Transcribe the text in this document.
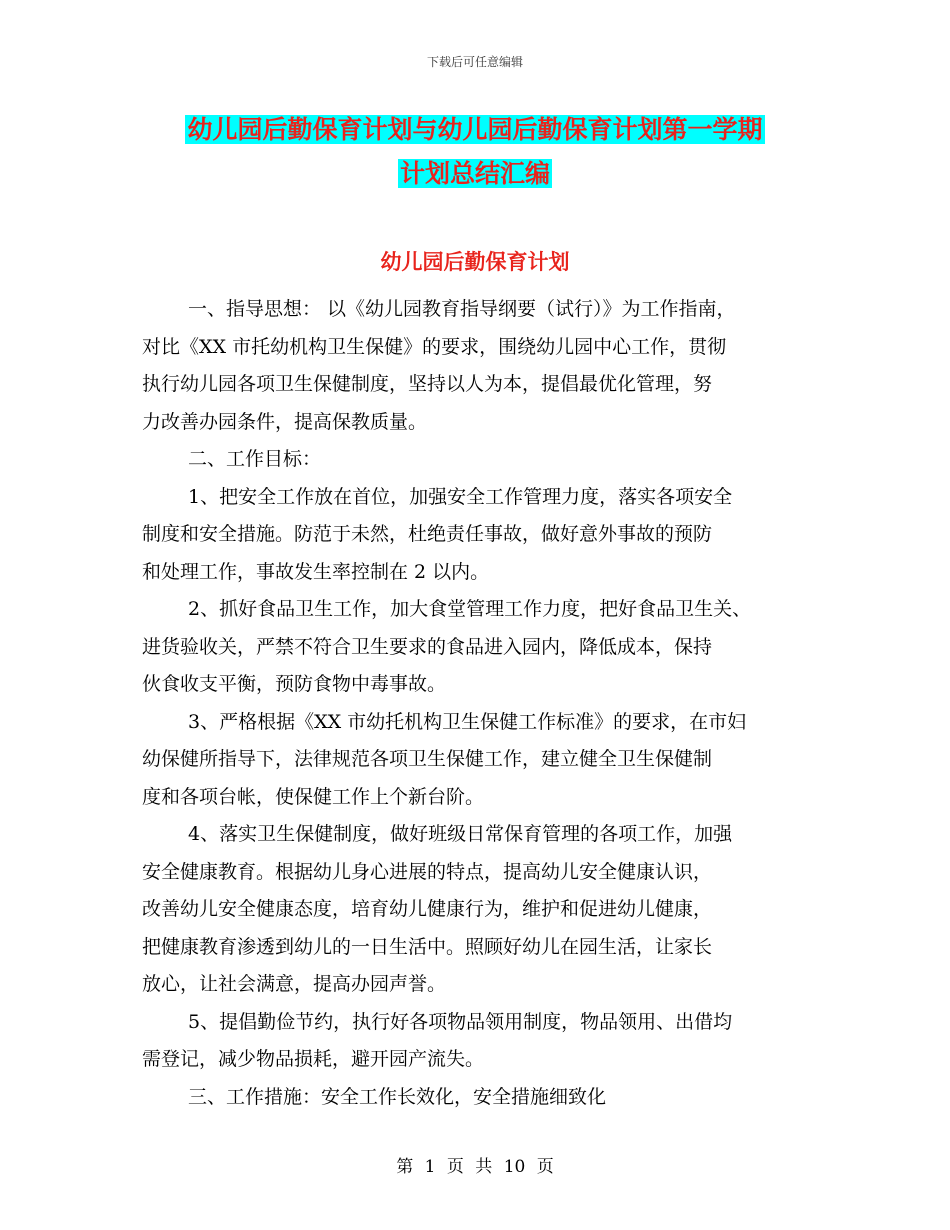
下载后可任意编辑
幼儿园后勤保育计划与幼儿园后勤保育计划第一学期
计划总结汇编
幼儿园后勤保育计划
一、指导思想： 以《幼儿园教育指导纲要（试行）》为工作指南，
对比《XX 市托幼机构卫生保健》的要求，围绕幼儿园中心工作，贯彻
执行幼儿园各项卫生保健制度，坚持以人为本，提倡最优化管理，努
力改善办园条件，提高保教质量。
二、工作目标：
1、把安全工作放在首位，加强安全工作管理力度，落实各项安全
制度和安全措施。防范于未然，杜绝责任事故，做好意外事故的预防
和处理工作，事故发生率控制在 2 以内。
2、抓好食品卫生工作，加大食堂管理工作力度，把好食品卫生关、
进货验收关，严禁不符合卫生要求的食品进入园内，降低成本，保持
伙食收支平衡，预防食物中毒事故。
3、严格根据《XX 市幼托机构卫生保健工作标准》的要求，在市妇
幼保健所指导下，法律规范各项卫生保健工作，建立健全卫生保健制
度和各项台帐，使保健工作上个新台阶。
4、落实卫生保健制度，做好班级日常保育管理的各项工作，加强
安全健康教育。根据幼儿身心进展的特点，提高幼儿安全健康认识，
改善幼儿安全健康态度，培育幼儿健康行为，维护和促进幼儿健康，
把健康教育渗透到幼儿的一日生活中。照顾好幼儿在园生活，让家长
放心，让社会满意，提高办园声誉。
5、提倡勤俭节约，执行好各项物品领用制度，物品领用、出借均
需登记，减少物品损耗，避开园产流失。
三、工作措施：安全工作长效化，安全措施细致化
第 1 页 共 10 页
